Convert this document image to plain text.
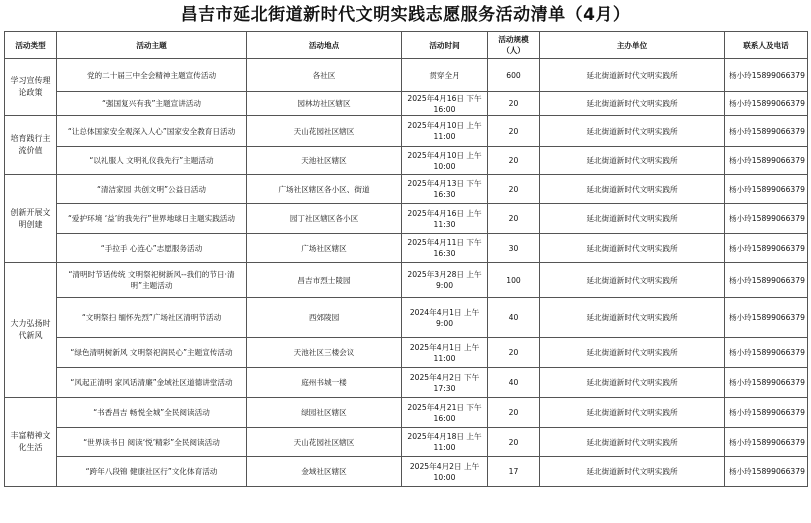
昌吉市延北街道新时代文明实践志愿服务活动清单（4月）
活动类型	活动主题	活动地点	活动时间	活动规模（人）	主办单位	联系人及电话
学习宣传理论政策	党的二十届三中全会精神主题宣传活动	各社区	贯穿全月	600	延北街道新时代文明实践所	杨小玲15899066379
	“强国复兴有我”主题宣讲活动	园林坊社区辖区	2025年4月16日 下午16:00	20	延北街道新时代文明实践所	杨小玲15899066379
培育践行主流价值	“让总体国家安全观深入人心”国家安全教育日活动	天山花园社区辖区	2025年4月10日 上午11:00	20	延北街道新时代文明实践所	杨小玲15899066379
	“以礼服人 文明礼仪我先行”主题活动	天池社区辖区	2025年4月10日 上午10:00	20	延北街道新时代文明实践所	杨小玲15899066379
创新开展文明创建	“清洁家园 共创文明”公益日活动	广场社区辖区各小区、街道	2025年4月13日 下午16:30	20	延北街道新时代文明实践所	杨小玲15899066379
	“爱护环境 ‘益’的我先行”世界地球日主题实践活动	园丁社区辖区各小区	2025年4月16日 上午11:30	20	延北街道新时代文明实践所	杨小玲15899066379
	“手拉手 心连心”志愿服务活动	广场社区辖区	2025年4月11日 下午16:30	30	延北街道新时代文明实践所	杨小玲15899066379
大力弘扬时代新风	“清明时节话传统 文明祭祀树新风--我们的节日·清明”主题活动	昌吉市烈士陵园	2025年3月28日 上午9:00	100	延北街道新时代文明实践所	杨小玲15899066379
	“文明祭扫 缅怀先烈”广场社区清明节活动	西郊陵园	2024年4月1日 上午9:00	40	延北街道新时代文明实践所	杨小玲15899066379
	“绿色清明树新风 文明祭祀润民心”主题宣传活动	天池社区三楼会议	2025年4月1日 上午11:00	20	延北街道新时代文明实践所	杨小玲15899066379
	“风起正清明 家风话清廉”金域社区道德讲堂活动	庭州书城一楼	2025年4月2日 下午17:30	40	延北街道新时代文明实践所	杨小玲15899066379
丰富精神文化生活	“书香昌吉 畅悦全城”全民阅读活动	绿园社区辖区	2025年4月21日 下午16:00	20	延北街道新时代文明实践所	杨小玲15899066379
	“世界读书日 阅读‘悦’精彩”全民阅读活动	天山花园社区辖区	2025年4月18日 上午11:00	20	延北街道新时代文明实践所	杨小玲15899066379
	“跨年八段锦 健康社区行”文化体育活动	金域社区辖区	2025年4月2日 上午10:00	17	延北街道新时代文明实践所	杨小玲15899066379
